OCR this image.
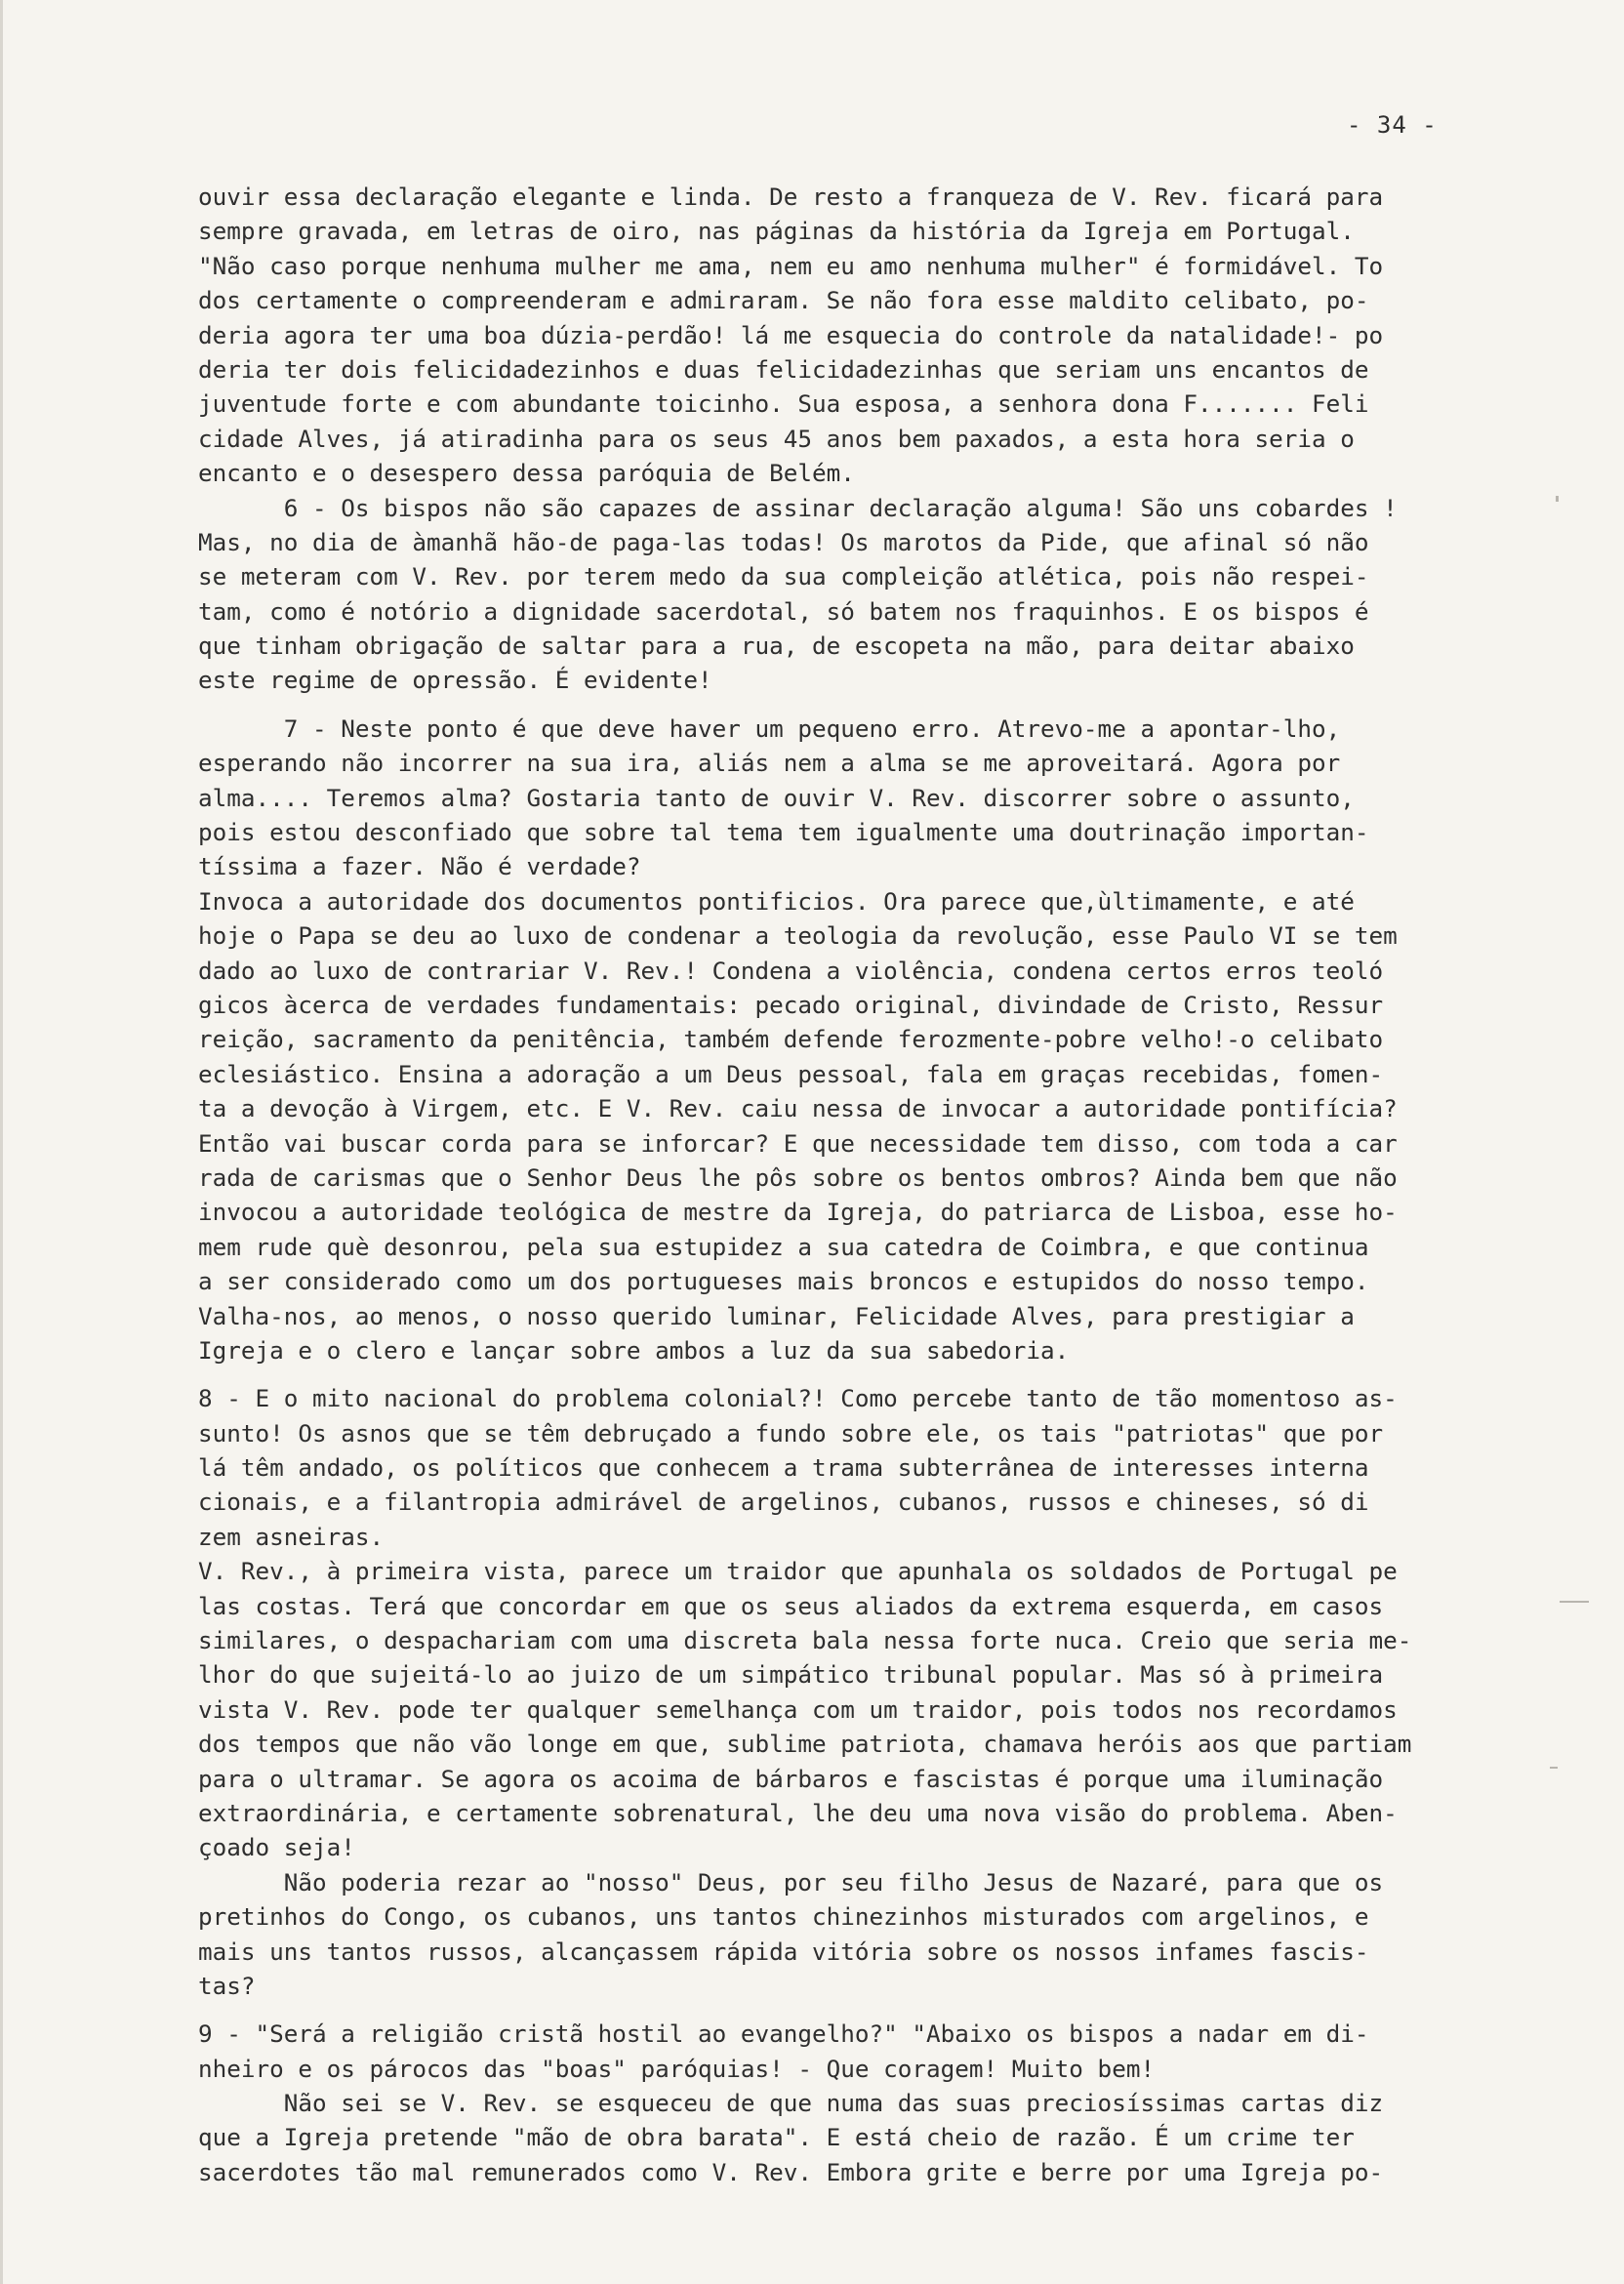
- 34 -
ouvir essa declaração elegante e linda. De resto a franqueza de V. Rev. ficará para
sempre gravada, em letras de oiro, nas páginas da história da Igreja em Portugal.
"Não caso porque nenhuma mulher me ama, nem eu amo nenhuma mulher" é formidável. To
dos certamente o compreenderam e admiraram. Se não fora esse maldito celibato, po-
deria agora ter uma boa dúzia-perdão! lá me esquecia do controle da natalidade!- po
deria ter dois felicidadezinhos e duas felicidadezinhas que seriam uns encantos de
juventude forte e com abundante toicinho. Sua esposa, a senhora dona F....... Feli
cidade Alves, já atiradinha para os seus 45 anos bem paxados, a esta hora seria o
encanto e o desespero dessa paróquia de Belém.
6 - Os bispos não são capazes de assinar declaração alguma! São uns cobardes !
Mas, no dia de àmanhã hão-de paga-las todas! Os marotos da Pide, que afinal só não
se meteram com V. Rev. por terem medo da sua compleição atlética, pois não respei-
tam, como é notório a dignidade sacerdotal, só batem nos fraquinhos. E os bispos é
que tinham obrigação de saltar para a rua, de escopeta na mão, para deitar abaixo
este regime de opressão. É evidente!
7 - Neste ponto é que deve haver um pequeno erro. Atrevo-me a apontar-lho,
esperando não incorrer na sua ira, aliás nem a alma se me aproveitará. Agora por
alma.... Teremos alma? Gostaria tanto de ouvir V. Rev. discorrer sobre o assunto,
pois estou desconfiado que sobre tal tema tem igualmente uma doutrinação importan-
tíssima a fazer. Não é verdade?
Invoca a autoridade dos documentos pontificios. Ora parece que,ùltimamente, e até
hoje o Papa se deu ao luxo de condenar a teologia da revolução, esse Paulo VI se tem
dado ao luxo de contrariar V. Rev.! Condena a violência, condena certos erros teoló
gicos àcerca de verdades fundamentais: pecado original, divindade de Cristo, Ressur
reição, sacramento da penitência, também defende ferozmente-pobre velho!-o celibato
eclesiástico. Ensina a adoração a um Deus pessoal, fala em graças recebidas, fomen-
ta a devoção à Virgem, etc. E V. Rev. caiu nessa de invocar a autoridade pontifícia?
Então vai buscar corda para se inforcar? E que necessidade tem disso, com toda a car
rada de carismas que o Senhor Deus lhe pôs sobre os bentos ombros? Ainda bem que não
invocou a autoridade teológica de mestre da Igreja, do patriarca de Lisboa, esse ho-
mem rude què desonrou, pela sua estupidez a sua catedra de Coimbra, e que continua
a ser considerado como um dos portugueses mais broncos e estupidos do nosso tempo.
Valha-nos, ao menos, o nosso querido luminar, Felicidade Alves, para prestigiar a
Igreja e o clero e lançar sobre ambos a luz da sua sabedoria.
8 - E o mito nacional do problema colonial?! Como percebe tanto de tão momentoso as-
sunto! Os asnos que se têm debruçado a fundo sobre ele, os tais "patriotas" que por
lá têm andado, os políticos que conhecem a trama subterrânea de interesses interna
cionais, e a filantropia admirável de argelinos, cubanos, russos e chineses, só di
zem asneiras.
V. Rev., à primeira vista, parece um traidor que apunhala os soldados de Portugal pe
las costas. Terá que concordar em que os seus aliados da extrema esquerda, em casos
similares, o despachariam com uma discreta bala nessa forte nuca. Creio que seria me-
lhor do que sujeitá-lo ao juizo de um simpático tribunal popular. Mas só à primeira
vista V. Rev. pode ter qualquer semelhança com um traidor, pois todos nos recordamos
dos tempos que não vão longe em que, sublime patriota, chamava heróis aos que partiam
para o ultramar. Se agora os acoima de bárbaros e fascistas é porque uma iluminação
extraordinária, e certamente sobrenatural, lhe deu uma nova visão do problema. Aben-
çoado seja!
Não poderia rezar ao "nosso" Deus, por seu filho Jesus de Nazaré, para que os
pretinhos do Congo, os cubanos, uns tantos chinezinhos misturados com argelinos, e
mais uns tantos russos, alcançassem rápida vitória sobre os nossos infames fascis-
tas?
9 - "Será a religião cristã hostil ao evangelho?" "Abaixo os bispos a nadar em di-
nheiro e os párocos das "boas" paróquias! - Que coragem! Muito bem!
Não sei se V. Rev. se esqueceu de que numa das suas preciosíssimas cartas diz
que a Igreja pretende "mão de obra barata". E está cheio de razão. É um crime ter
sacerdotes tão mal remunerados como V. Rev. Embora grite e berre por uma Igreja po-
